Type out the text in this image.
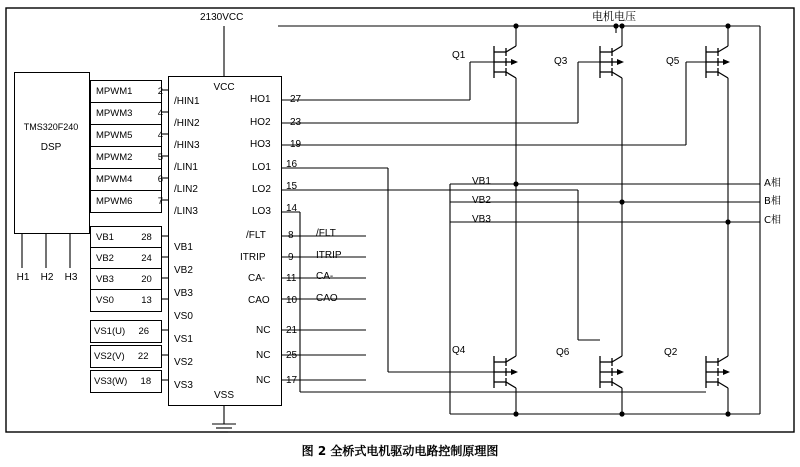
TMS320F240
DSP
MPWM1	2
MPWM3	4
MPWM5	4
MPWM2	5
MPWM4	6
MPWM6	7
VB1	28
VB2	24
VB3	20
VS0	13
VS1(U) 26
VS2(V) 22
VS3(W) 18
H1 H2 H3
VCC
VSS
/HIN1
/HIN2
/HIN3
/LIN1
/LIN2
/LIN3
VB1
VB2
VB3
VS0
VS1
VS2
VS3
HO1
HO2
HO3
LO1
LO2
LO3
/FLT
ITRIP
CA-
CAO
NC
NC
NC
27
23
19
16
15
14
8
9
11
10
21
25
17
/FLT
ITRIP
CA-
CAO
2130VCC	电机电压
Q1
Q3	Q5
Q4	Q6	Q2
VB1
VB2
VB3
A相
B相
C相
图 2 全桥式电机驱动电路控制原理图
